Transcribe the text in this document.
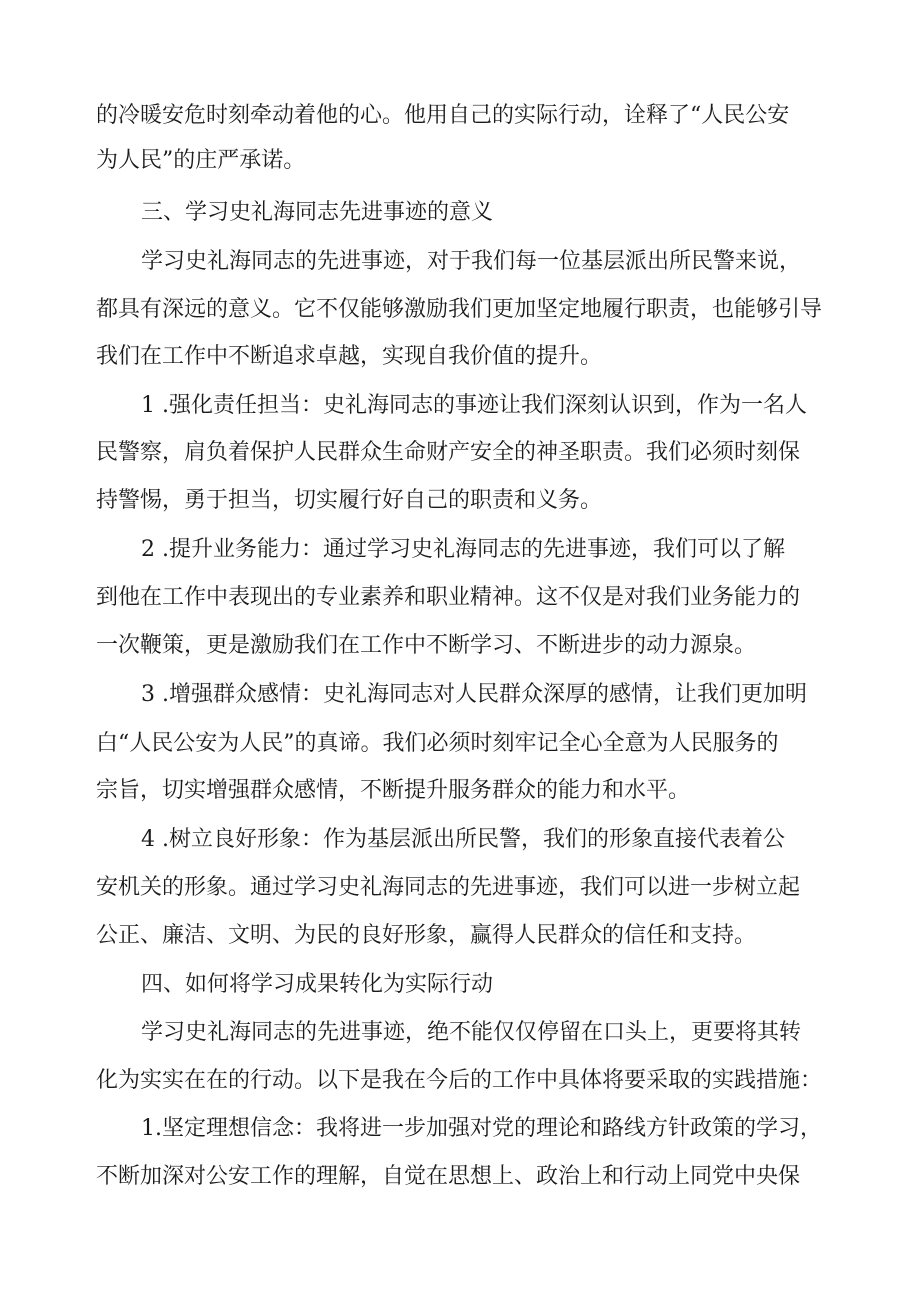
的冷暖安危时刻牵动着他的心。他用自己的实际行动，诠释了“人民公安
为人民”的庄严承诺。
三、学习史礼海同志先进事迹的意义
学习史礼海同志的先进事迹，对于我们每一位基层派出所民警来说，
都具有深远的意义。它不仅能够激励我们更加坚定地履行职责，也能够引导
我们在工作中不断追求卓越，实现自我价值的提升。
1 .强化责任担当：史礼海同志的事迹让我们深刻认识到，作为一名人
民警察，肩负着保护人民群众生命财产安全的神圣职责。我们必须时刻保
持警惕，勇于担当，切实履行好自己的职责和义务。
2 .提升业务能力：通过学习史礼海同志的先进事迹，我们可以了解
到他在工作中表现出的专业素养和职业精神。这不仅是对我们业务能力的
一次鞭策，更是激励我们在工作中不断学习、不断进步的动力源泉。
3 .增强群众感情：史礼海同志对人民群众深厚的感情，让我们更加明
白“人民公安为人民”的真谛。我们必须时刻牢记全心全意为人民服务的
宗旨，切实增强群众感情，不断提升服务群众的能力和水平。
4 .树立良好形象：作为基层派出所民警，我们的形象直接代表着公
安机关的形象。通过学习史礼海同志的先进事迹，我们可以进一步树立起
公正、廉洁、文明、为民的良好形象，赢得人民群众的信任和支持。
四、如何将学习成果转化为实际行动
学习史礼海同志的先进事迹，绝不能仅仅停留在口头上，更要将其转
化为实实在在的行动。以下是我在今后的工作中具体将要采取的实践措施：
1.坚定理想信念：我将进一步加强对党的理论和路线方针政策的学习，
不断加深对公安工作的理解，自觉在思想上、政治上和行动上同党中央保
